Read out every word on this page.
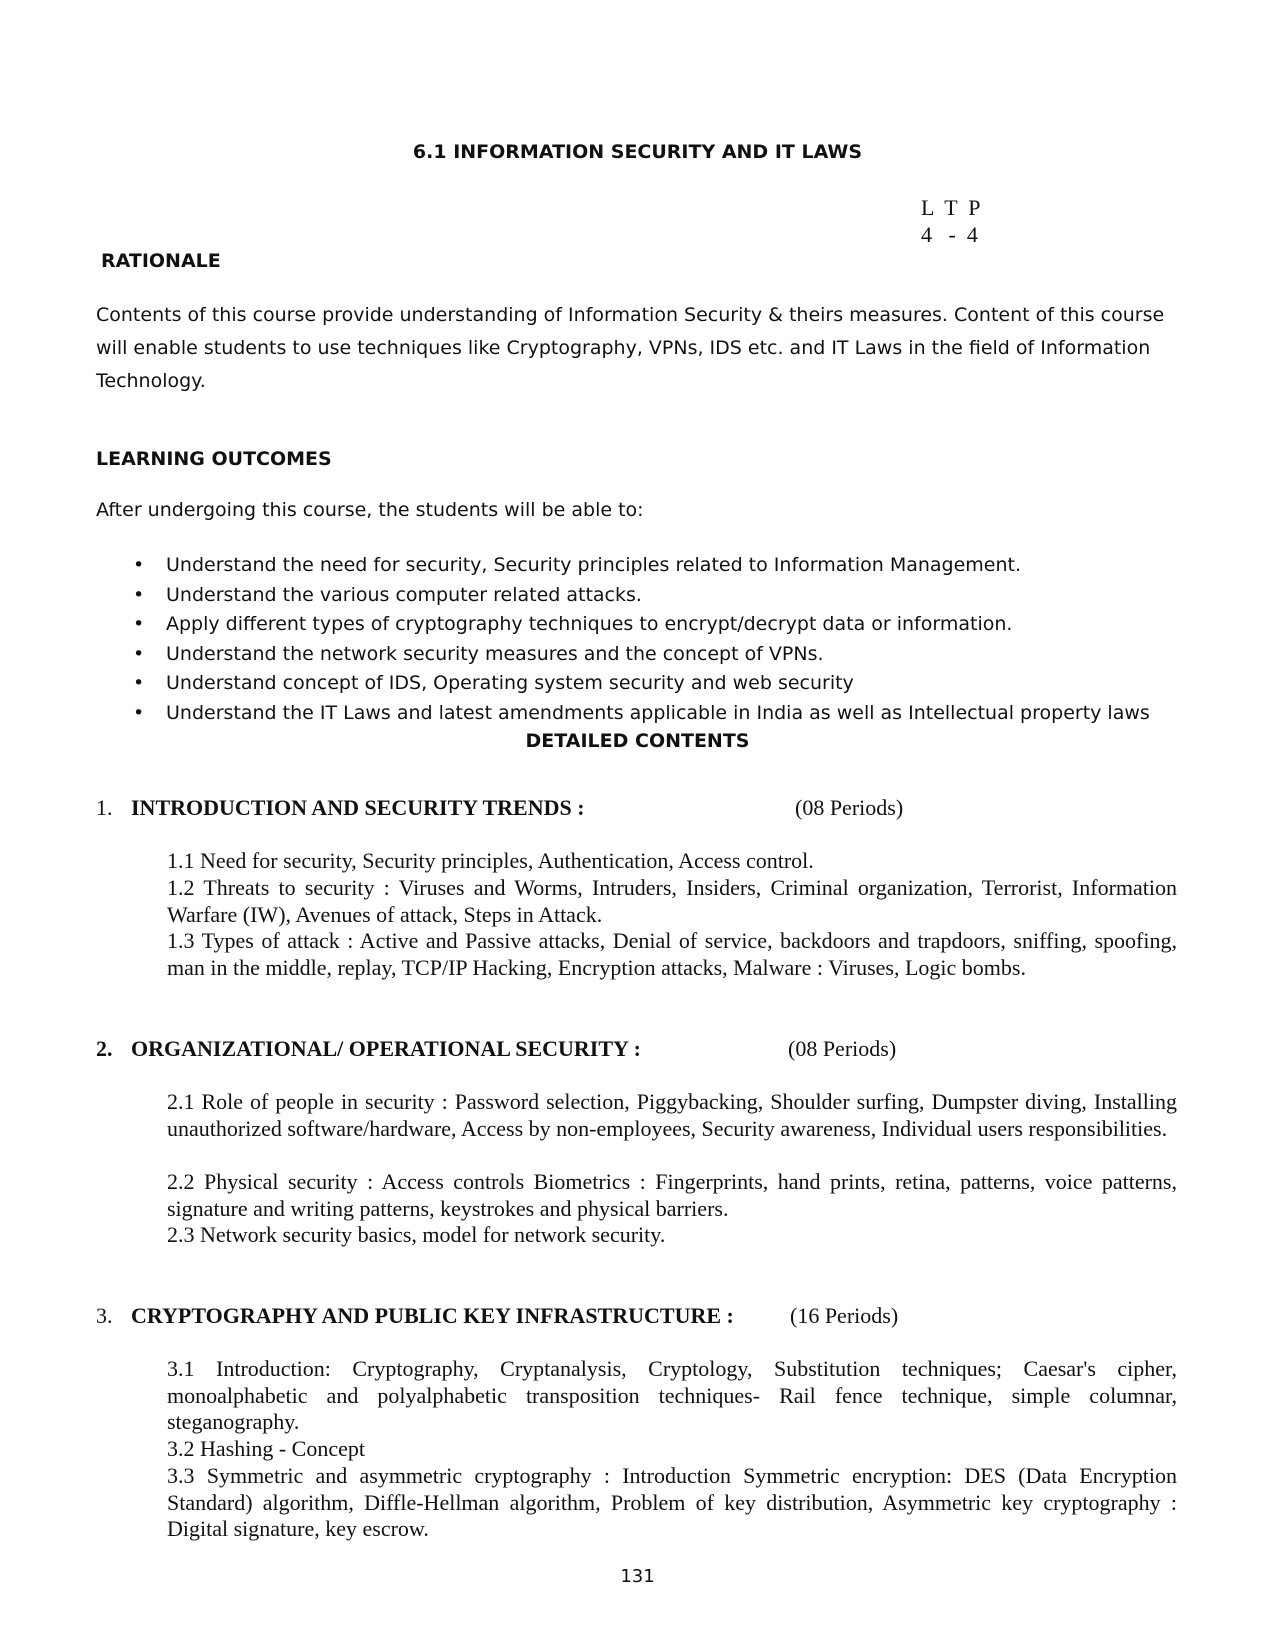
6.1 INFORMATION SECURITY AND IT LAWS
L  T  P
4   -  4
RATIONALE
Contents of this course provide understanding of Information Security & theirs measures. Content of this course will enable students to use techniques like Cryptography, VPNs, IDS etc. and IT Laws in the field of Information Technology.
LEARNING OUTCOMES
After undergoing this course, the students will be able to:
• Understand the need for security, Security principles related to Information Management.
• Understand the various computer related attacks.
• Apply different types of cryptography techniques to encrypt/decrypt data or information.
• Understand the network security measures and the concept of VPNs.
• Understand concept of IDS, Operating system security and web security
• Understand the IT Laws and latest amendments applicable in India as well as Intellectual property laws
DETAILED CONTENTS
1. INTRODUCTION AND SECURITY TRENDS :	(08 Periods)
1.1 Need for security, Security principles, Authentication, Access control.
1.2 Threats to security : Viruses and Worms, Intruders, Insiders, Criminal organization, Terrorist, Information Warfare (IW), Avenues of attack, Steps in Attack.
1.3 Types of attack : Active and Passive attacks, Denial of service, backdoors and trapdoors, sniffing, spoofing, man in the middle, replay, TCP/IP Hacking, Encryption attacks, Malware : Viruses, Logic bombs.
2. ORGANIZATIONAL/ OPERATIONAL SECURITY :	(08 Periods)
2.1 Role of people in security : Password selection, Piggybacking, Shoulder surfing, Dumpster diving, Installing unauthorized software/hardware, Access by non-employees, Security awareness, Individual users responsibilities.
2.2 Physical security : Access controls Biometrics : Fingerprints, hand prints, retina, patterns, voice patterns, signature and writing patterns, keystrokes and physical barriers.
2.3 Network security basics, model for network security.
3. CRYPTOGRAPHY AND PUBLIC KEY INFRASTRUCTURE :	(16 Periods)
3.1 Introduction: Cryptography, Cryptanalysis, Cryptology, Substitution techniques; Caesar's cipher, monoalphabetic and polyalphabetic transposition techniques- Rail fence technique, simple columnar, steganography.
3.2 Hashing - Concept
3.3 Symmetric and asymmetric cryptography : Introduction Symmetric encryption: DES (Data Encryption Standard) algorithm, Diffle-Hellman algorithm, Problem of key distribution, Asymmetric key cryptography : Digital signature, key escrow.
131
